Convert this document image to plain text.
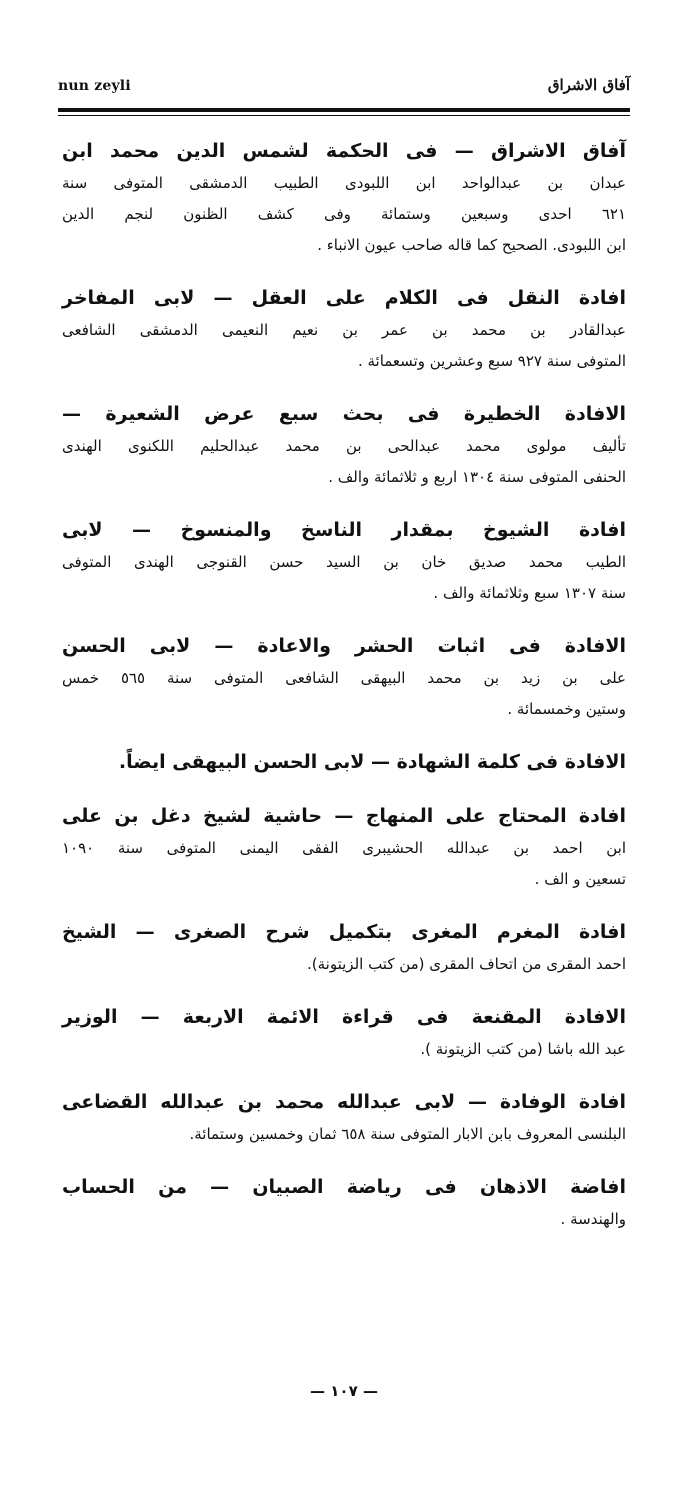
nun zeyli	آفاق الاشراق
آفاق الاشراق — فى الحكمة لشمس الدين محمد ابن
عبدان بن عبدالواحد ابن اللبودى الطبيب الدمشقى المتوفى سنة
٦٢١ احدى وسبعين وستمائة وفى كشف الظنون لنجم الدين
ابن اللبودى. الصحيح كما قاله صاحب عيون الانباء .
افادة النقل فى الكلام على العقل — لابى المفاخر
عبدالقادر بن محمد بن عمر بن نعيم النعيمى الدمشقى الشافعى
المتوفى سنة ٩٢٧ سبع وعشرين وتسعمائة .
الافادة الخطيرة فى بحث سبع عرض الشعيرة —
تأليف مولوى محمد عبدالحى بن محمد عبدالحليم اللكنوى الهندى
الحنفى المتوفى سنة ١٣٠٤ اربع و ثلاثمائة والف .
افادة الشيوخ بمقدار الناسخ والمنسوخ — لابى
الطيب محمد صديق خان بن السيد حسن القنوجى الهندى المتوفى
سنة ١٣٠٧ سبع وثلاثمائة والف .
الافادة فى اثبات الحشر والاعادة — لابى الحسن
على بن زيد بن محمد البيهقى الشافعى المتوفى سنة ٥٦٥ خمس
وستين وخمسمائة .
الافادة فى كلمة الشهادة — لابى الحسن البيهقى ايضاً.
افادة المحتاج على المنهاج — حاشية لشيخ دغل بن على
ابن احمد بن عبدالله الحشيبرى الفقى اليمنى المتوفى سنة ١٠٩٠
تسعين و الف .
افادة المغرم المغرى بتكميل شرح الصغرى — الشيخ
احمد المقرى من اتحاف المقرى (من كتب الزيتونة).
الافادة المقنعة فى قراءة الائمة الاربعة — الوزير
عبد الله باشا (من كتب الزيتونة ).
افادة الوفادة — لابى عبدالله محمد بن عبدالله القضاعى
البلنسى المعروف بابن الابار المتوفى سنة ٦٥٨ ثمان وخمسين وستمائة.
افاضة الاذهان فى رياضة الصبيان — من الحساب
والهندسة .
— ١٠٧ —
